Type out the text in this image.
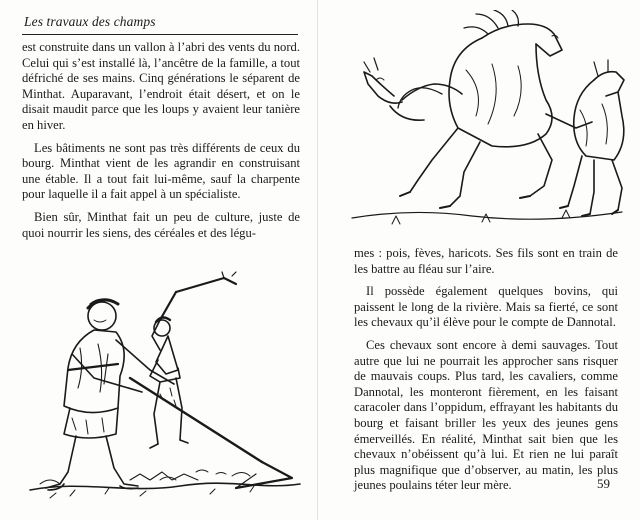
Les travaux des champs

est construite dans un vallon à l’abri des vents du nord. Celui qui s’est installé là, l’ancêtre de la famille, a tout défriché de ses mains. Cinq générations le séparent de Minthat. Auparavant, l’endroit était désert, et on le disait maudit parce que les loups y avaient leur tanière en hiver.

Les bâtiments ne sont pas très différents de ceux du bourg. Minthat vient de les agrandir en construisant une étable. Il a tout fait lui-même, sauf la charpente pour laquelle il a fait appel à un spécialiste.

Bien sûr, Minthat fait un peu de culture, juste de quoi nourrir les siens, des céréales et des légu-

mes : pois, fèves, haricots. Ses fils sont en train de les battre au fléau sur l’aire.

Il possède également quelques bovins, qui paissent le long de la rivière. Mais sa fierté, ce sont les chevaux qu’il élève pour le compte de Dannotal.

Ces chevaux sont encore à demi sauvages. Tout autre que lui ne pourrait les approcher sans risquer de mauvais coups. Plus tard, les cavaliers, comme Dannotal, les monteront fièrement, en les faisant caracoler dans l’oppidum, effrayant les habitants du bourg et faisant briller les yeux des jeunes gens émerveillés. En réalité, Minthat sait bien que les chevaux n’obéissent qu’à lui. Et rien ne lui paraît plus magnifique que d’observer, au matin, les plus jeunes poulains téter leur mère.	59
